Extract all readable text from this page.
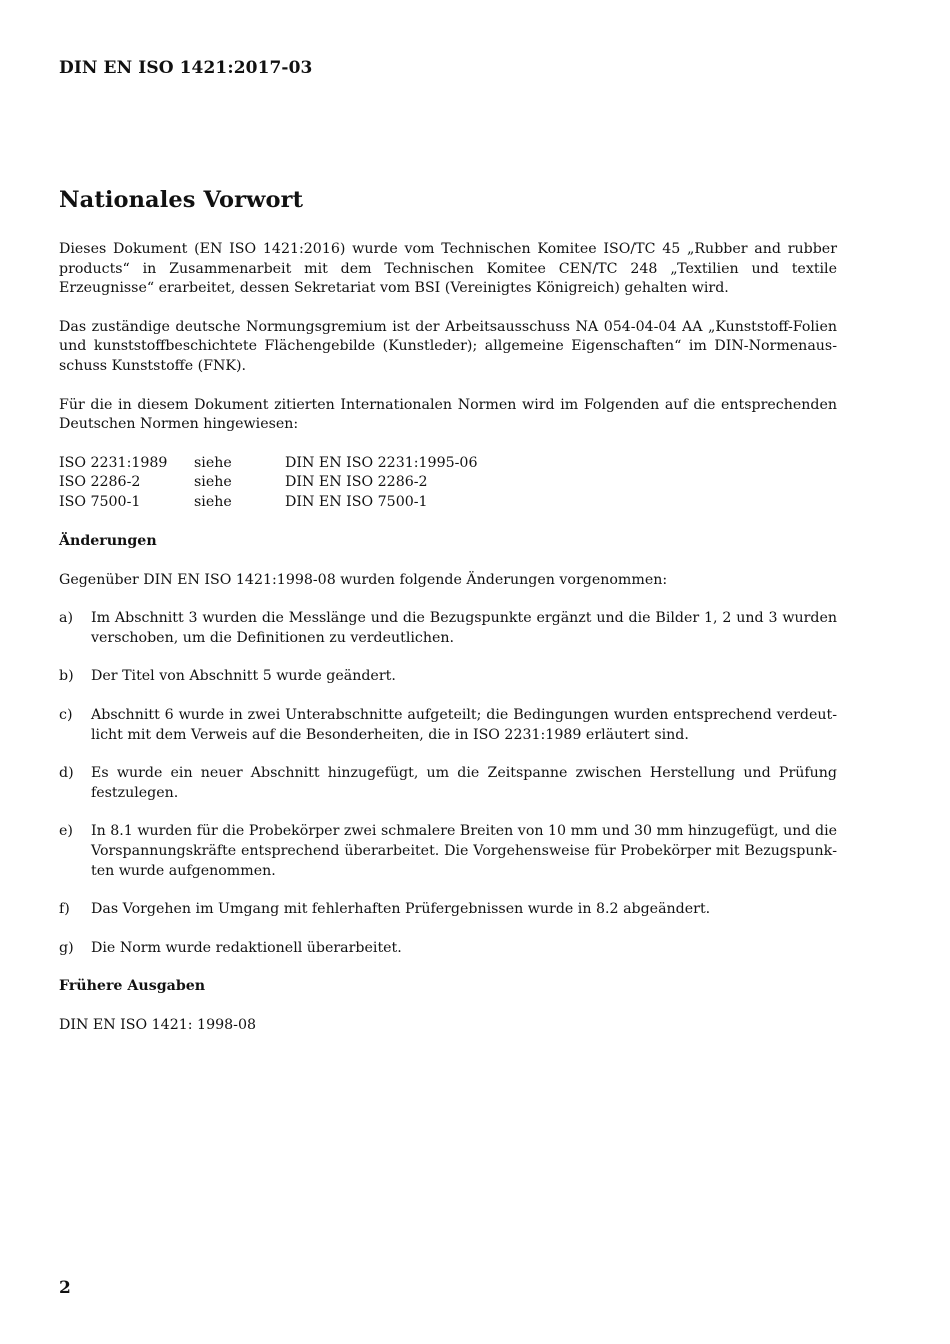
DIN EN ISO 1421:2017-03
Nationales Vorwort

Dieses Dokument (EN ISO 1421:2016) wurde vom Technischen Komitee ISO/TC 45 „Rubber and rubber products“ in Zusammenarbeit mit dem Technischen Komitee CEN/TC 248 „Textilien und textile Erzeugnisse“ erarbeitet, dessen Sekretariat vom BSI (Vereinigtes Königreich) gehalten wird.

Das zuständige deutsche Normungsgremium ist der Arbeitsausschuss NA 054-04-04 AA „Kunststoff-Folien und kunststoffbeschichtete Flächengebilde (Kunstleder); allgemeine Eigenschaften“ im DIN-Normenausschuss Kunststoffe (FNK).

Für die in diesem Dokument zitierten Internationalen Normen wird im Folgenden auf die entsprechenden Deutschen Normen hingewiesen:

ISO 2231:1989	siehe	DIN EN ISO 2231:1995-06
ISO 2286-2	siehe	DIN EN ISO 2286-2
ISO 7500-1	siehe	DIN EN ISO 7500-1

Änderungen

Gegenüber DIN EN ISO 1421:1998-08 wurden folgende Änderungen vorgenommen:

a)	Im Abschnitt 3 wurden die Messlänge und die Bezugspunkte ergänzt und die Bilder 1, 2 und 3 wurden verschoben, um die Definitionen zu verdeutlichen.
b)	Der Titel von Abschnitt 5 wurde geändert.
c)	Abschnitt 6 wurde in zwei Unterabschnitte aufgeteilt; die Bedingungen wurden entsprechend verdeutlicht mit dem Verweis auf die Besonderheiten, die in ISO 2231:1989 erläutert sind.
d)	Es wurde ein neuer Abschnitt hinzugefügt, um die Zeitspanne zwischen Herstellung und Prüfung festzulegen.
e)	In 8.1 wurden für die Probekörper zwei schmalere Breiten von 10 mm und 30 mm hinzugefügt, und die Vorspannungskräfte entsprechend überarbeitet. Die Vorgehensweise für Probekörper mit Bezugspunkten wurde aufgenommen.
f)	Das Vorgehen im Umgang mit fehlerhaften Prüfergebnissen wurde in 8.2 abgeändert.
g)	Die Norm wurde redaktionell überarbeitet.

Frühere Ausgaben

DIN EN ISO 1421: 1998-08

2
